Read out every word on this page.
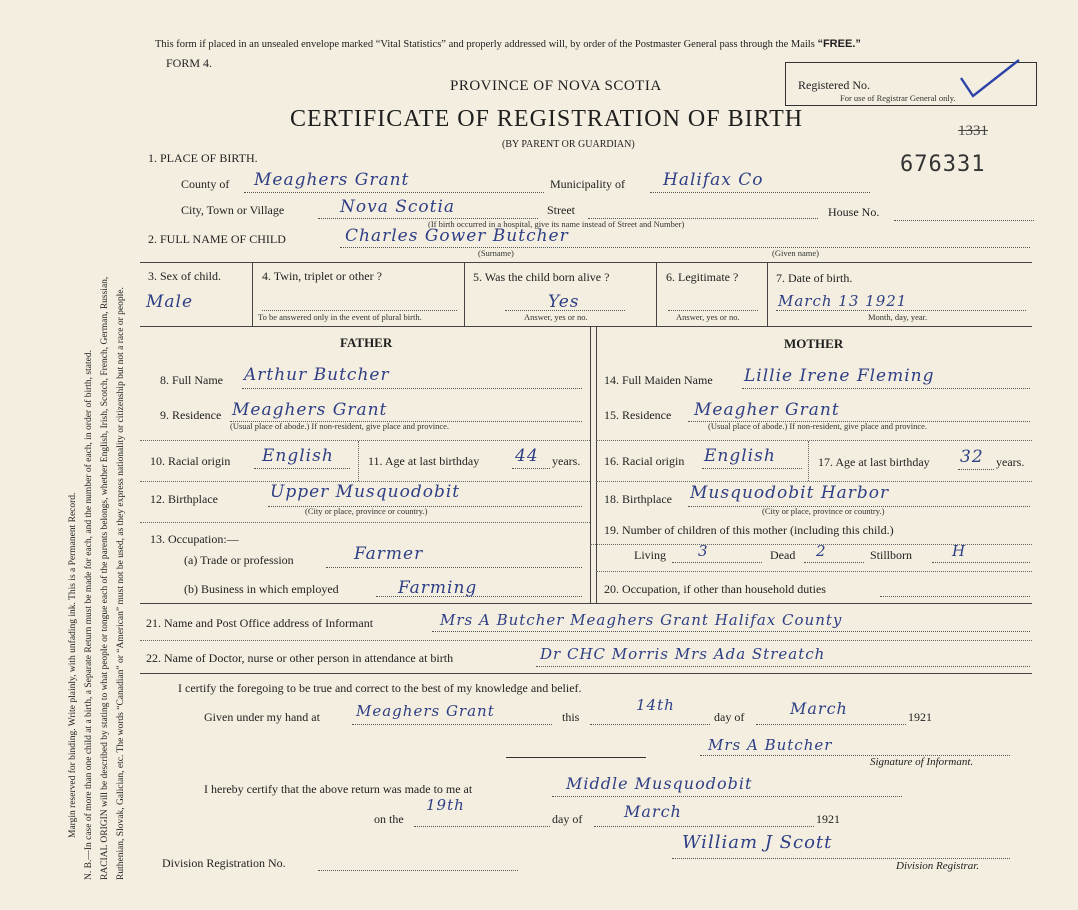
Margin reserved for binding. Write plainly, with unfading ink. This is a Permanent Record. N. B.—In case of more than one child at a birth, a Separate Return must be made for each, and the number of each, in order of birth, stated. RACIAL ORIGIN will be described by stating to what people or tongue each of the parents belongs, whether English, Irish, Scotch, French, German, Russian, Ruthenian, Slovak, Galician, etc. The words “Canadian” or “American” must not be used, as they express nationality or citizenship but not a race or people.
This form if placed in an unsealed envelope marked “Vital Statistics” and properly addressed will, by order of the Postmaster General pass through the Mails “FREE.”
FORM 4.
PROVINCE OF NOVA SCOTIA
CERTIFICATE OF REGISTRATION OF BIRTH
(BY PARENT OR GUARDIAN)
Registered No.
For use of Registrar General only.
1331
676331
1. PLACE OF BIRTH.
County of Meaghers Grant	Municipality of Halifax Co
City, Town or Village	Nova Scotia	Street
(If birth occurred in a hospital, give its name instead of Street and Number)
House No.
2. FULL NAME OF CHILD	Charles Gower Butcher
(Surname)	(Given name)
3. Sex of child.
Male
4. Twin, triplet or other ?
To be answered only in the event of plural birth.
5. Was the child born alive ?
Yes
Answer, yes or no.
6. Legitimate ?
Answer, yes or no.
7. Date of birth.
March 13 1921
Month, day, year.
FATHER	MOTHER
8. Full Name Arthur Butcher
9. Residence Meaghers Grant
(Usual place of abode.) If non-resident, give place and province.
10. Racial origin English	11. Age at last birthday 44 years.
12. Birthplace	Upper Musquodobit
(City or place, province or country.)
13. Occupation:—
(a) Trade or profession	Farmer
(b) Business in which employed	Farming
14. Full Maiden Name Lillie Irene Fleming
15. Residence Meagher Grant
(Usual place of abode.) If non-resident, give place and province.
16. Racial origin English	17. Age at last birthday 32 years.
18. Birthplace Musquodobit Harbor
(City or place, province or country.)
19. Number of children of this mother (including this child.)
Living 3	Dead 2	Stillborn	H
20. Occupation, if other than household duties
21. Name and Post Office address of Informant	Mrs A Butcher Meaghers Grant Halifax County
22. Name of Doctor, nurse or other person in attendance at birth	Dr CHC Morris Mrs Ada Streatch
I certify the foregoing to be true and correct to the best of my knowledge and belief.
Given under my hand at Meaghers Grant	this
14th
day of	March	1921
Mrs A Butcher
Signature of Informant.
I hereby certify that the above return was made to me at	Middle Musquodobit
on the
19th
day of	March	1921
Division Registration No.
William J Scott
Division Registrar.
